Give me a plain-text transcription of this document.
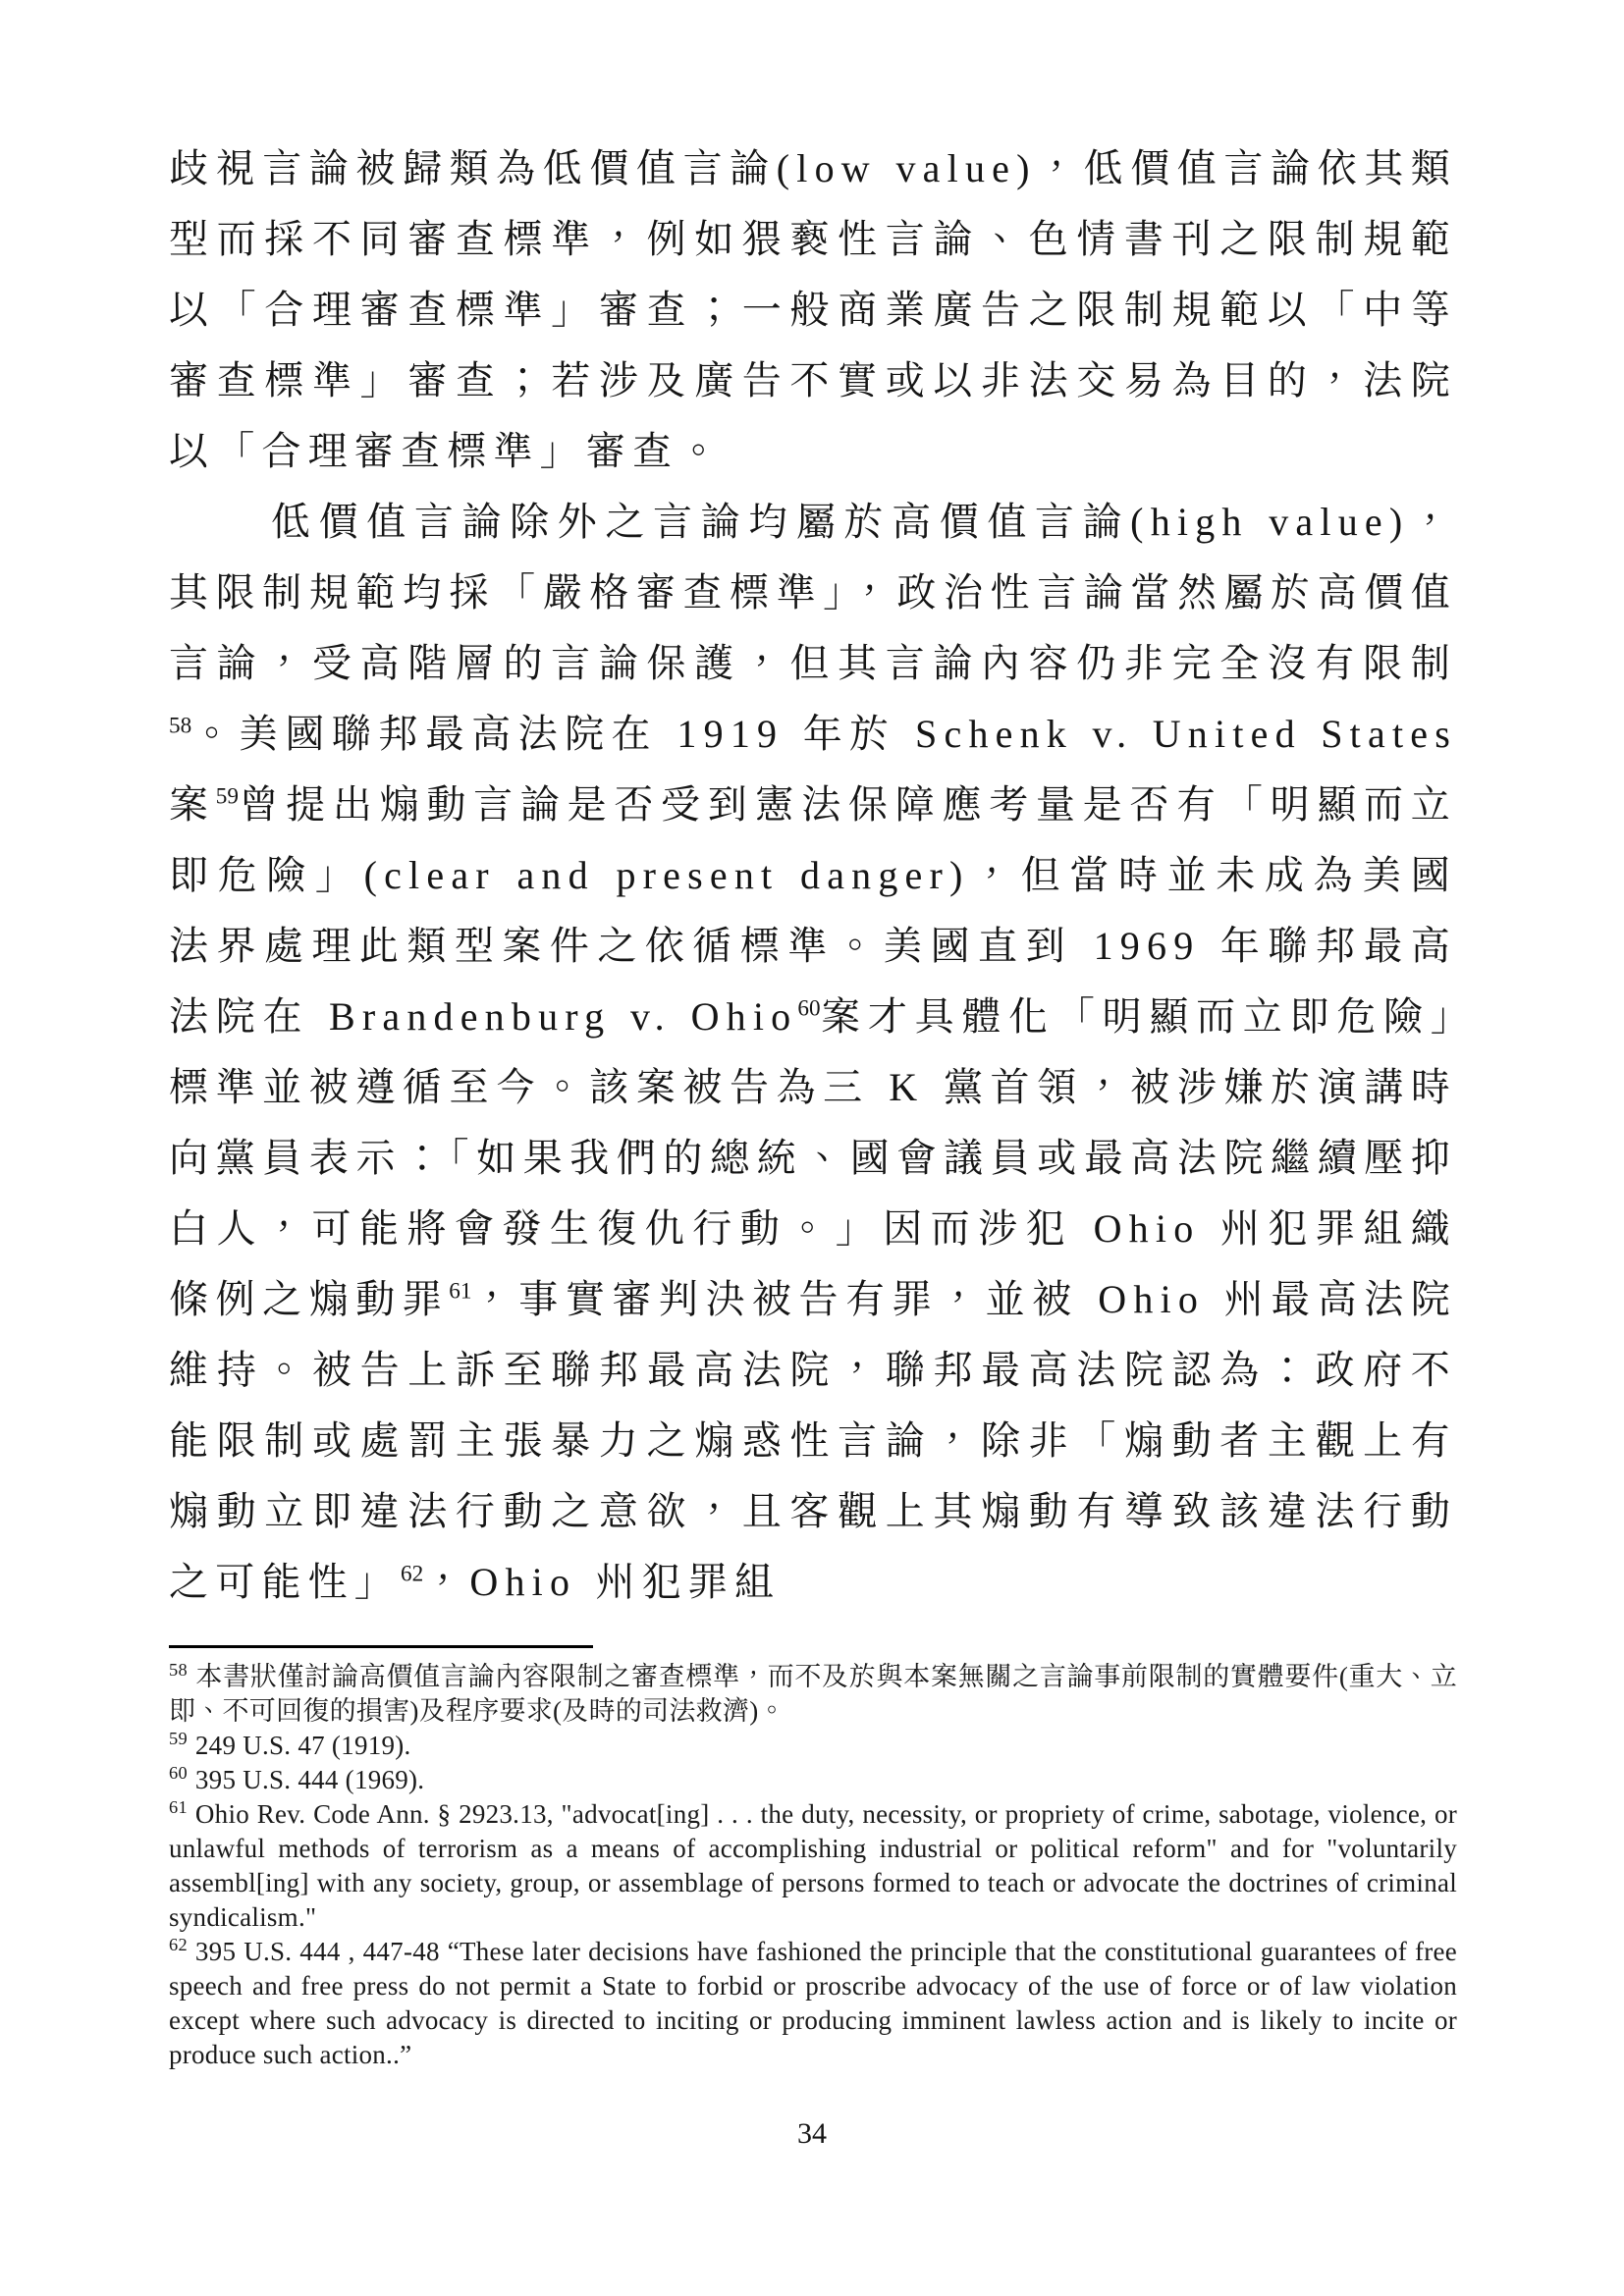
歧視言論被歸類為低價值言論(low value)，低價值言論依其類型而採不同審查標準，例如猥褻性言論、色情書刊之限制規範以「合理審查標準」審查；一般商業廣告之限制規範以「中等審查標準」審查；若涉及廣告不實或以非法交易為目的，法院以「合理審查標準」審查。

低價值言論除外之言論均屬於高價值言論(high value)，其限制規範均採「嚴格審查標準」，政治性言論當然屬於高價值言論，受高階層的言論保護，但其言論內容仍非完全沒有限制$^{58}$。美國聯邦最高法院在 1919 年於 Schenk v. United States 案$^{59}$曾提出煽動言論是否受到憲法保障應考量是否有「明顯而立即危險」(clear and present danger)，但當時並未成為美國法界處理此類型案件之依循標準。美國直到 1969 年聯邦最高法院在 Brandenburg v. Ohio$^{60}$案才具體化「明顯而立即危險」標準並被遵循至今。該案被告為三 K 黨首領，被涉嫌於演講時向黨員表示：「如果我們的總統、國會議員或最高法院繼續壓抑白人，可能將會發生復仇行動。」因而涉犯 Ohio 州犯罪組織條例之煽動罪$^{61}$，事實審判決被告有罪，並被 Ohio 州最高法院維持。被告上訴至聯邦最高法院，聯邦最高法院認為：政府不能限制或處罰主張暴力之煽惑性言論，除非「煽動者主觀上有煽動立即違法行動之意欲，且客觀上其煽動有導致該違法行動之可能性」$^{62}$，Ohio 州犯罪組

$^{58}$ 本書狀僅討論高價值言論內容限制之審查標準，而不及於與本案無關之言論事前限制的實體要件(重大、立即、不可回復的損害)及程序要求(及時的司法救濟)。
$^{59}$ 249 U.S. 47 (1919).
$^{60}$ 395 U.S. 444 (1969).
$^{61}$ Ohio Rev. Code Ann. § 2923.13, "advocat[ing] . . . the duty, necessity, or propriety of crime, sabotage, violence, or unlawful methods of terrorism as a means of accomplishing industrial or political reform" and for "voluntarily assembl[ing] with any society, group, or assemblage of persons formed to teach or advocate the doctrines of criminal syndicalism."
$^{62}$ 395 U.S. 444 , 447-48 “These later decisions have fashioned the principle that the constitutional guarantees of free speech and free press do not permit a State to forbid or proscribe advocacy of the use of force or of law violation except where such advocacy is directed to inciting or producing imminent lawless action and is likely to incite or produce such action..”
34
